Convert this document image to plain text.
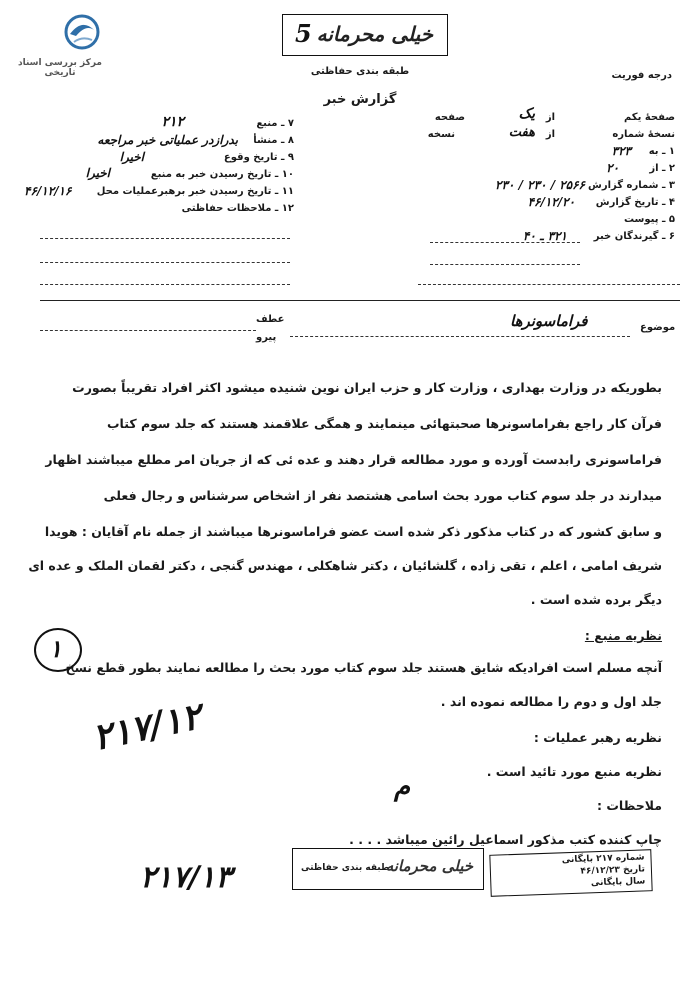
مرکز بررسی اسناد تاریخی
خیلی محرمانه
5
طبقه بندی حفاظتی
گزارش خبر
درجه فوریت
۷ ـ منبع
۲۱۲
۸ ـ منشأ
بدرازدر عملیاتی خبر مراجعه
۹ ـ تاریخ وقوع
اخیرا
۱۰ ـ تاریخ رسیدن خبر به منبع
اخیرا
۱۱ ـ تاریخ رسیدن خبر برهبرعملیات محل
۴۶/۱۲/۱۶
۱۲ ـ ملاحظات حفاظتی
صفحهٔ یکم
از
صفحه	یک
نسخهٔ شماره
از
نسخه	هفت
۱ ـ به
۳۲۳
۲ ـ از
۲۰
۳ ـ شماره گزارش
۲۵۶۶ / ۲۳۰ / ۲۳۰
۴ ـ تاریخ گزارش
۴۶/۱۲/۲۰
۵ ـ پیوست
۶ ـ گیرندگان خبر
۳۲۱ ـ ۴۰
عطف
پیرو
موضوع
فراماسونرها
بطوریکه در وزارت بهداری ، وزارت کار و حزب ایران نوین شنیده میشود اکثر افراد تقریباً بصورت
فرآن کار راجع بفراماسونرها صحبتهائی مینمایند و همگی علاقمند هستند که جلد سوم کتاب
فراماسونری رابدست آورده و مورد مطالعه قرار دهند و عده ئی که از جریان امر مطلع میباشند اظهار
میدارند در جلد سوم کتاب مورد بحث اسامی هشتصد نفر از اشخاص سرشناس و رجال فعلی
و سابق کشور که در کتاب مذکور ذکر شده است عضو فراماسونرها میباشند از جمله نام آقایان : هویدا
شریف امامی ، اعلم ، تقی زاده ، گلشائیان ، دکتر شاهکلی ، مهندس گنجی ، دکتر لقمان الملک و عده ای
دیگر برده شده است .
نظریه منبع :
آنچه مسلم است افرادیکه شایق هستند جلد سوم کتاب مورد بحث را مطالعه نمایند بطور قطع نسخ
جلد اول و دوم را مطالعه نموده اند .
نظریه رهبر عملیات :
نظریه منبع مورد تائید است .
ملاحظات :
چاپ کننده کتب مذکور اسماعیل رائین میباشد . . . .
۱
۲۱۷/۱۲
۲۱۷/۱۳
م
طبقه بندی حفاظتی
خیلی محرمانه	شماره ۲۱۷ بایگانی
تاریخ ۴۶/۱۲/۲۳
سال بایگانی
